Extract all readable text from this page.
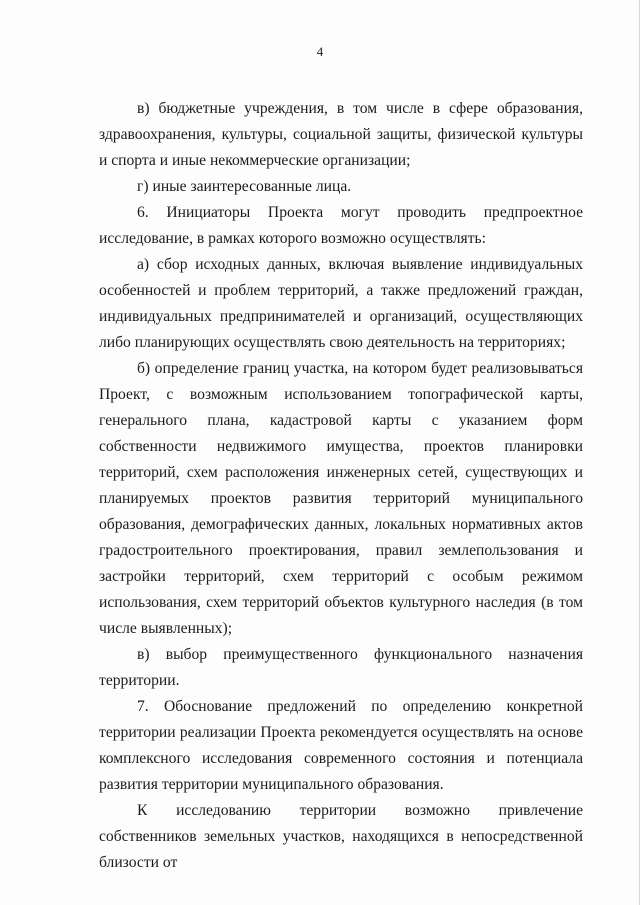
4

в) бюджетные учреждения, в том числе в сфере образования, здравоохранения, культуры, социальной защиты, физической культуры и спорта и иные некоммерческие организации;

г) иные заинтересованные лица.

6. Инициаторы Проекта могут проводить предпроектное исследование, в рамках которого возможно осуществлять:

а) сбор исходных данных, включая выявление индивидуальных особенностей и проблем территорий, а также предложений граждан, индивидуальных предпринимателей и организаций, осуществляющих либо планирующих осуществлять свою деятельность на территориях;

б) определение границ участка, на котором будет реализовываться Проект, с возможным использованием топографической карты, генерального плана, кадастровой карты с указанием форм собственности недвижимого имущества, проектов планировки территорий, схем расположения инженерных сетей, существующих и планируемых проектов развития территорий муниципального образования, демографических данных, локальных нормативных актов градостроительного проектирования, правил землепользования и застройки территорий, схем территорий с особым режимом использования, схем территорий объектов культурного наследия (в том числе выявленных);

в) выбор преимущественного функционального назначения территории.

7. Обоснование предложений по определению конкретной территории реализации Проекта рекомендуется осуществлять на основе комплексного исследования современного состояния и потенциала развития территории муниципального образования.

К исследованию территории возможно привлечение собственников земельных участков, находящихся в непосредственной близости от
